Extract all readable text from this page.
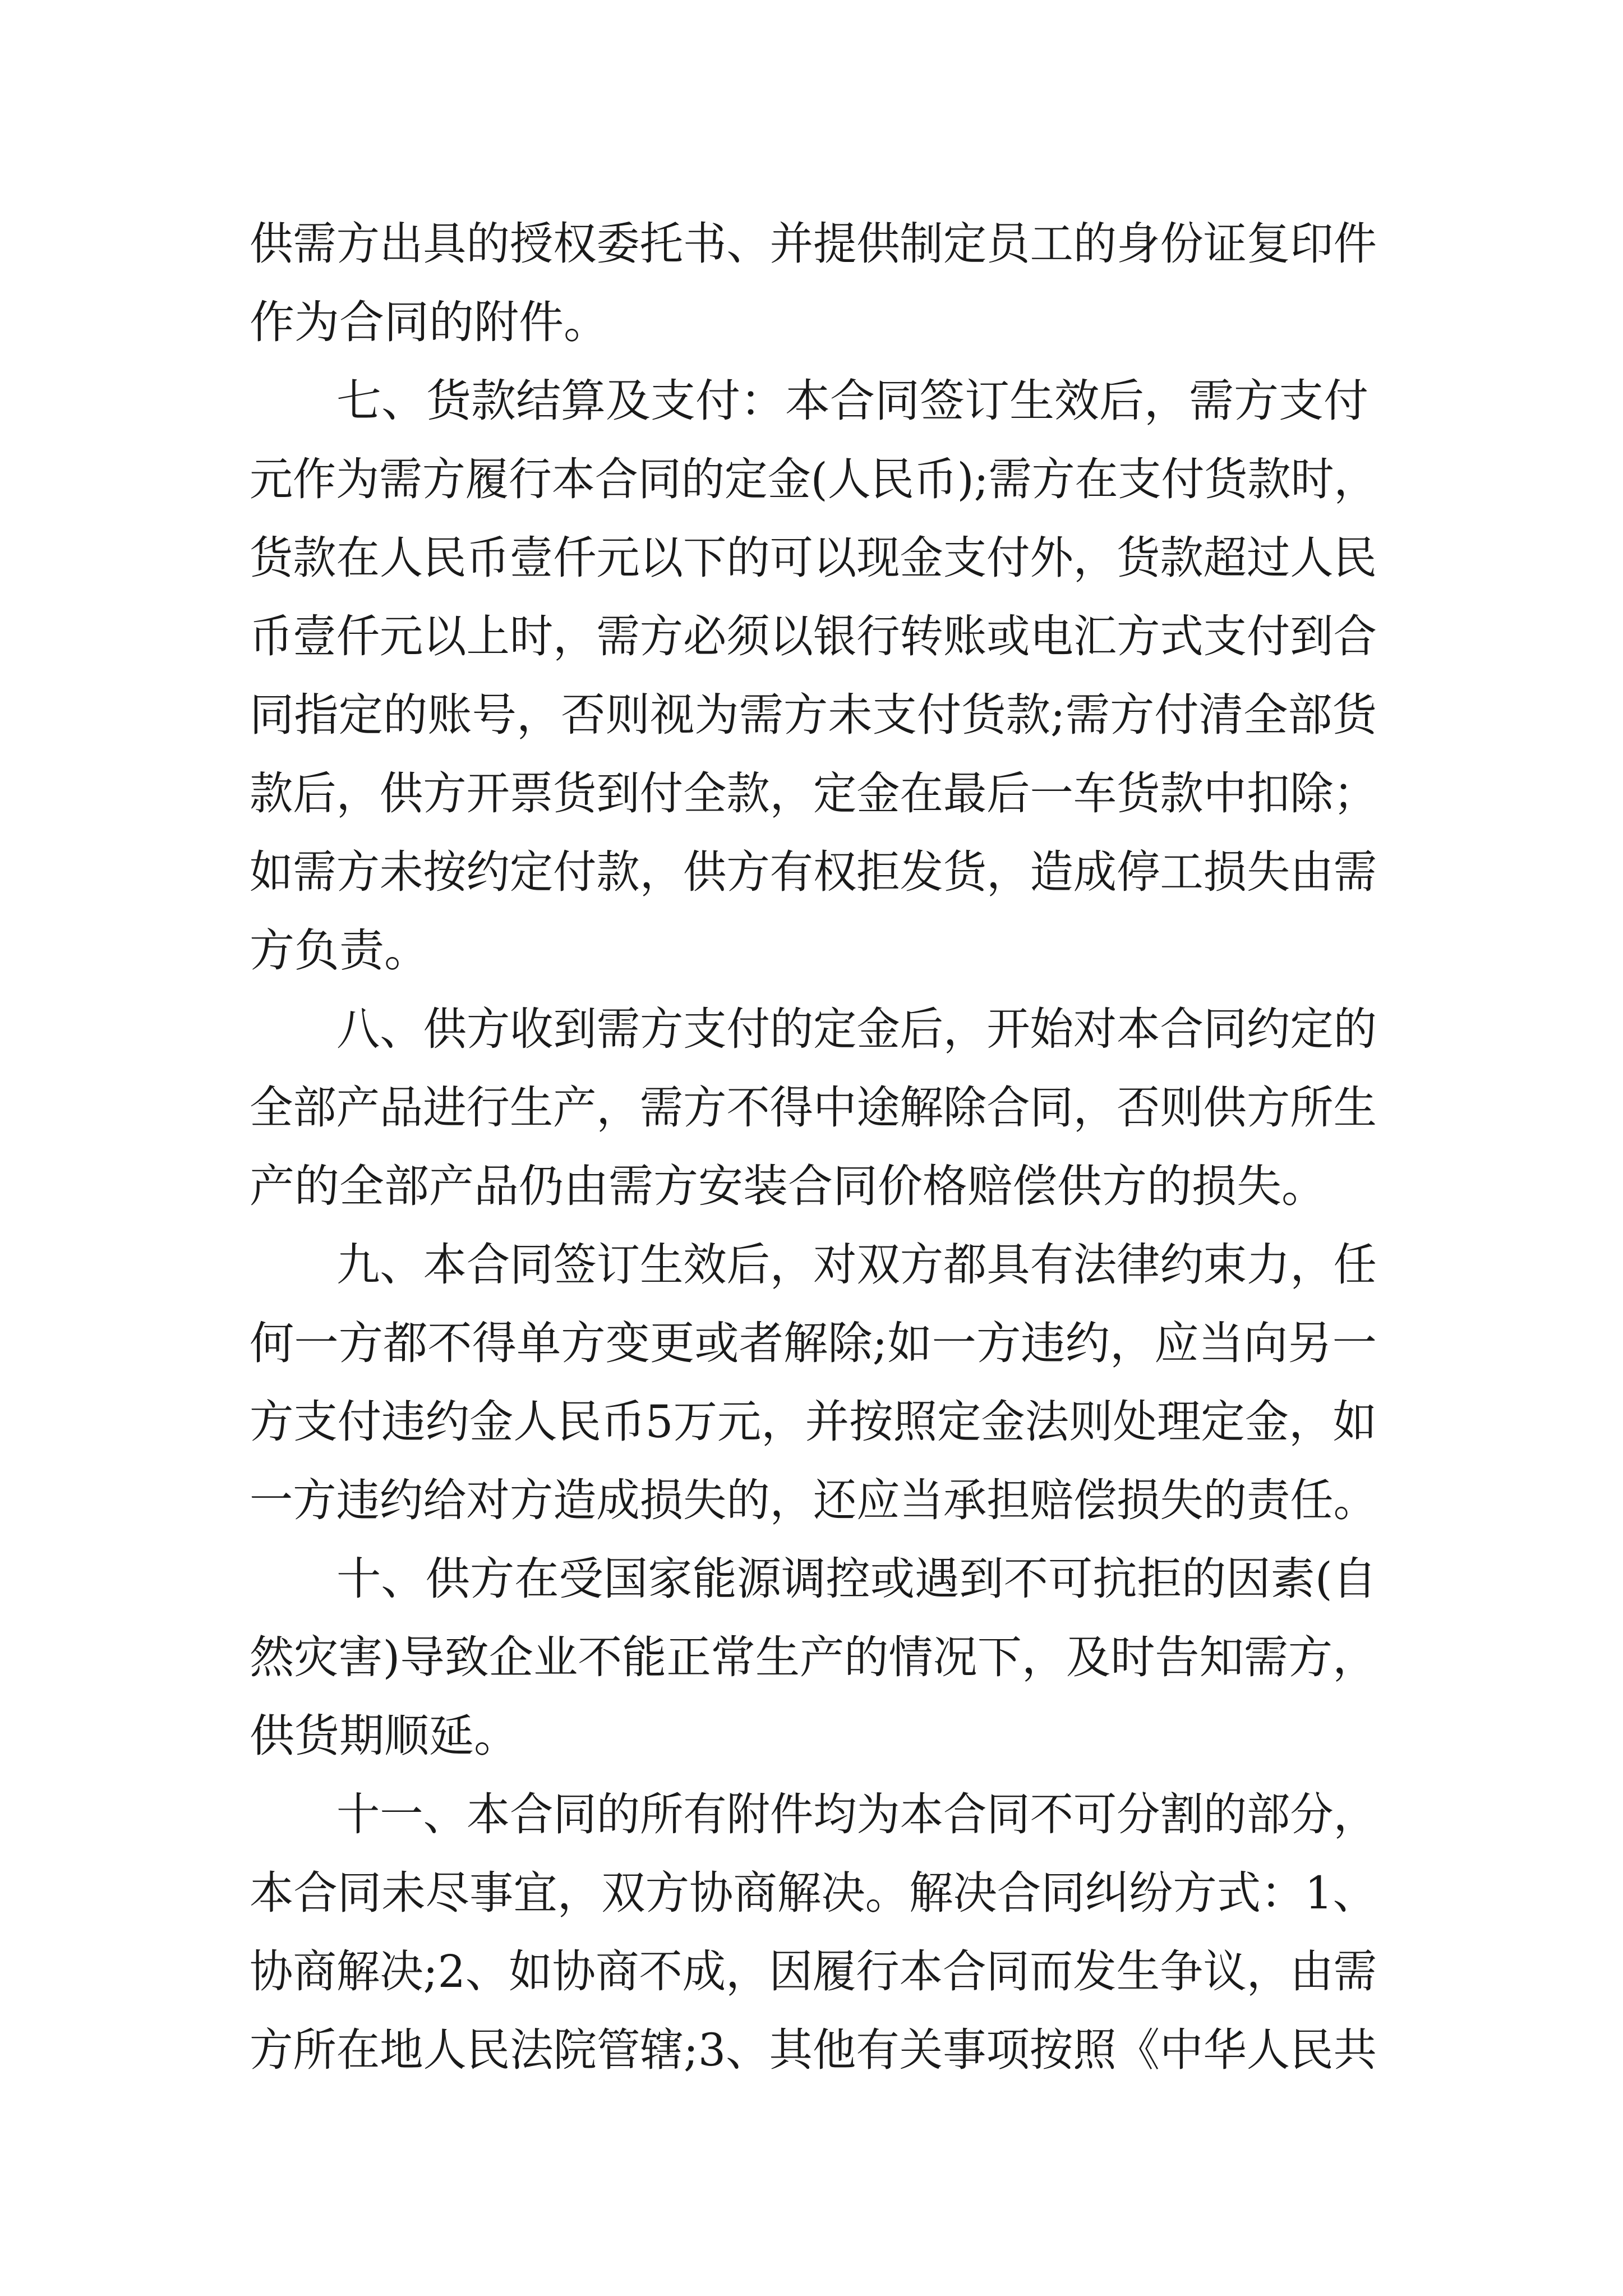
供需方出具的授权委托书、并提供制定员工的身份证复印件

作为合同的附件。

七、货款结算及支付：本合同签订生效后，需方支付

元作为需方履行本合同的定金(人民币);需方在支付货款时，

货款在人民币壹仟元以下的可以现金支付外，货款超过人民

币壹仟元以上时，需方必须以银行转账或电汇方式支付到合

同指定的账号，否则视为需方未支付货款;需方付清全部货

款后，供方开票货到付全款，定金在最后一车货款中扣除；

如需方未按约定付款，供方有权拒发货，造成停工损失由需

方负责。

八、供方收到需方支付的定金后，开始对本合同约定的

全部产品进行生产，需方不得中途解除合同，否则供方所生

产的全部产品仍由需方安装合同价格赔偿供方的损失。

九、本合同签订生效后，对双方都具有法律约束力，任

何一方都不得单方变更或者解除;如一方违约，应当向另一

方支付违约金人民币5万元，并按照定金法则处理定金，如

一方违约给对方造成损失的，还应当承担赔偿损失的责任。

十、供方在受国家能源调控或遇到不可抗拒的因素(自

然灾害)导致企业不能正常生产的情况下，及时告知需方，

供货期顺延。

十一、本合同的所有附件均为本合同不可分割的部分，

本合同未尽事宜，双方协商解决。解决合同纠纷方式：1、

协商解决;2、如协商不成，因履行本合同而发生争议，由需

方所在地人民法院管辖;3、其他有关事项按照《中华人民共
